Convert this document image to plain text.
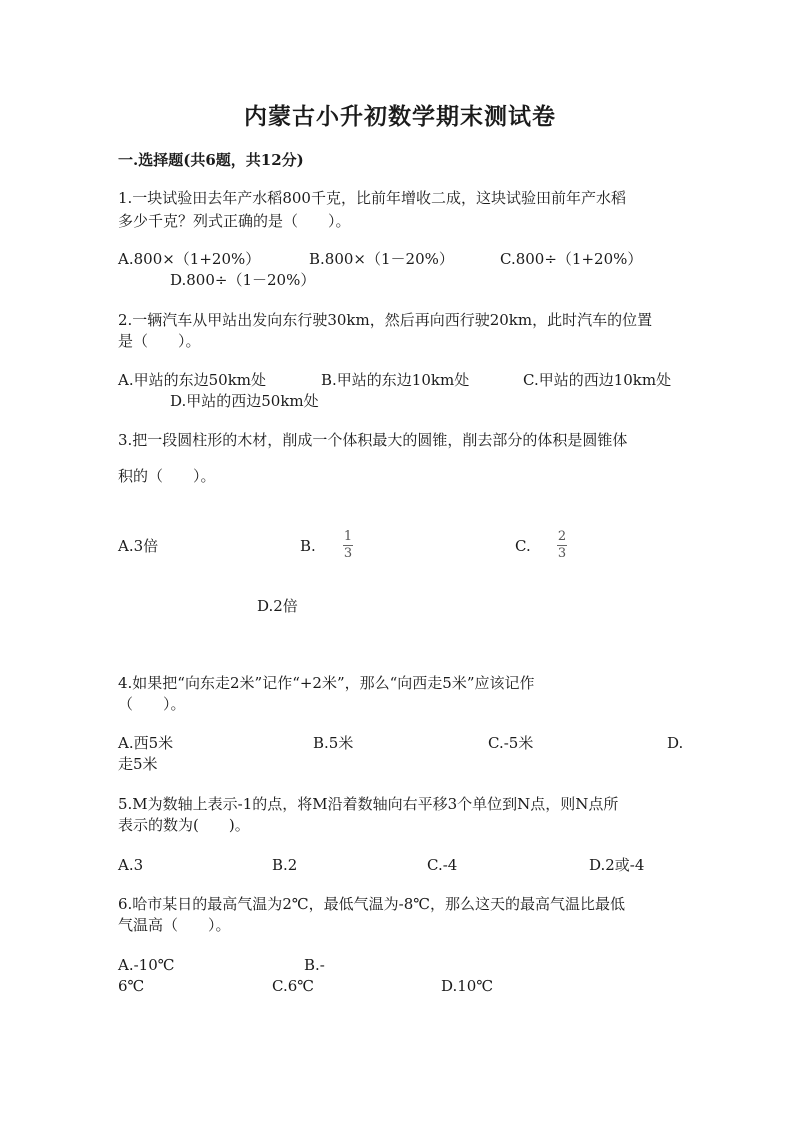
内蒙古小升初数学期末测试卷
一.选择题(共6题，共12分)
1.一块试验田去年产水稻800千克，比前年增收二成，这块试验田前年产水稻
多少千克？列式正确的是（　　）。
A.800×（1+20%）	B.800×（1－20%）	C.800÷（1+20%）
D.800÷（1－20%）
2.一辆汽车从甲站出发向东行驶30km，然后再向西行驶20km，此时汽车的位置
是（　　）。
A.甲站的东边50km处	B.甲站的东边10km处	C.甲站的西边10km处
D.甲站的西边50km处
3.把一段圆柱形的木材，削成一个体积最大的圆锥，削去部分的体积是圆锥体
积的（　　）。
A.3倍	B.
1
3	C.
2
3
D.2倍
4.如果把“向东走2米”记作“+2米”，那么“向西走5米”应该记作
（　　）。
A.西5米	B.5米	C.-5米	D.
走5米
5.M为数轴上表示-1的点，将M沿着数轴向右平移3个单位到N点，则N点所
表示的数为(　　)。
A.3	B.2	C.-4	D.2或-4
6.哈市某日的最高气温为2℃，最低气温为-8℃，那么这天的最高气温比最低
气温高（　　）。
A.-10℃	B.-
6℃	C.6℃	D.10℃
